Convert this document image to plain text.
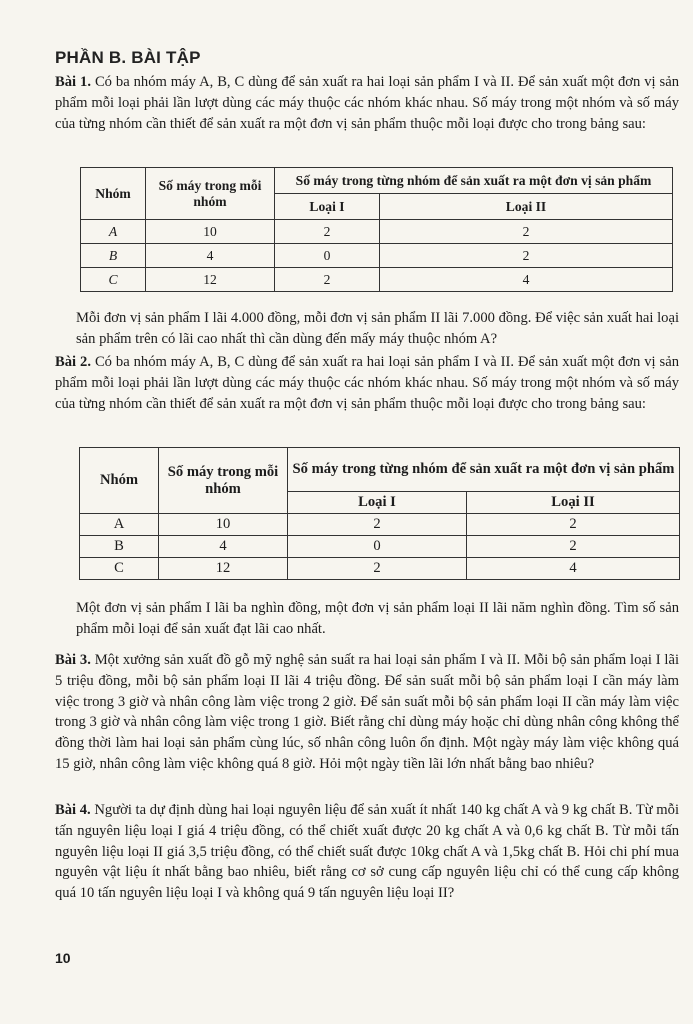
PHẦN B. BÀI TẬP
Bài 1. Có ba nhóm máy A, B, C dùng để sản xuất ra hai loại sản phẩm I và II. Để sản xuất một đơn vị sản phẩm mỗi loại phải lần lượt dùng các máy thuộc các nhóm khác nhau. Số máy trong một nhóm và số máy của từng nhóm cần thiết để sản xuất ra một đơn vị sản phẩm thuộc mỗi loại được cho trong bảng sau:
Nhóm	Số máy trong mỗi nhóm	Số máy trong từng nhóm để sản xuất ra một đơn vị sản phẩm	
		Loại I	Loại II
A	10	2	2
B	4	0	2
C	12	2	4
Mỗi đơn vị sản phẩm I lãi 4.000 đồng, mỗi đơn vị sản phẩm II lãi 7.000 đồng. Để việc sản xuất hai loại sản phẩm trên có lãi cao nhất thì cần dùng đến mấy máy thuộc nhóm A?
Bài 2. Có ba nhóm máy A, B, C dùng để sản xuất ra hai loại sản phẩm I và II. Để sản xuất một đơn vị sản phẩm mỗi loại phải lần lượt dùng các máy thuộc các nhóm khác nhau. Số máy trong một nhóm và số máy của từng nhóm cần thiết để sản xuất ra một đơn vị sản phẩm thuộc mỗi loại được cho trong bảng sau:
Nhóm	Số máy trong mỗi nhóm	Số máy trong từng nhóm để sản xuất ra một đơn vị sản phẩm	
		Loại I	Loại II
A	10	2	2
B	4	0	2
C	12	2	4
Một đơn vị sản phẩm I lãi ba nghìn đồng, một đơn vị sản phẩm loại II lãi năm nghìn đồng. Tìm số sản phẩm mỗi loại để sản xuất đạt lãi cao nhất.
Bài 3. Một xưởng sản xuất đồ gỗ mỹ nghệ sản suất ra hai loại sản phẩm I và II. Mỗi bộ sản phẩm loại I lãi 5 triệu đồng, mỗi bộ sản phẩm loại II lãi 4 triệu đồng. Để sản suất mỗi bộ sản phẩm loại I cần máy làm việc trong 3 giờ và nhân công làm việc trong 2 giờ. Để sản suất mỗi bộ sản phẩm loại II cần máy làm việc trong 3 giờ và nhân công làm việc trong 1 giờ. Biết rằng chỉ dùng máy hoặc chỉ dùng nhân công không thể đồng thời làm hai loại sản phẩm cùng lúc, số nhân công luôn ổn định. Một ngày máy làm việc không quá 15 giờ, nhân công làm việc không quá 8 giờ. Hỏi một ngày tiền lãi lớn nhất bằng bao nhiêu?
Bài 4. Người ta dự định dùng hai loại nguyên liệu để sản xuất ít nhất 140 kg chất A và 9 kg chất B. Từ mỗi tấn nguyên liệu loại I giá 4 triệu đồng, có thể chiết xuất được 20 kg chất A và 0,6 kg chất B. Từ mỗi tấn nguyên liệu loại II giá 3,5 triệu đồng, có thể chiết suất được 10kg chất A và 1,5kg chất B. Hỏi chi phí mua nguyên vật liệu ít nhất bằng bao nhiêu, biết rằng cơ sở cung cấp nguyên liệu chỉ có thể cung cấp không quá 10 tấn nguyên liệu loại I và không quá 9 tấn nguyên liệu loại II?
10
